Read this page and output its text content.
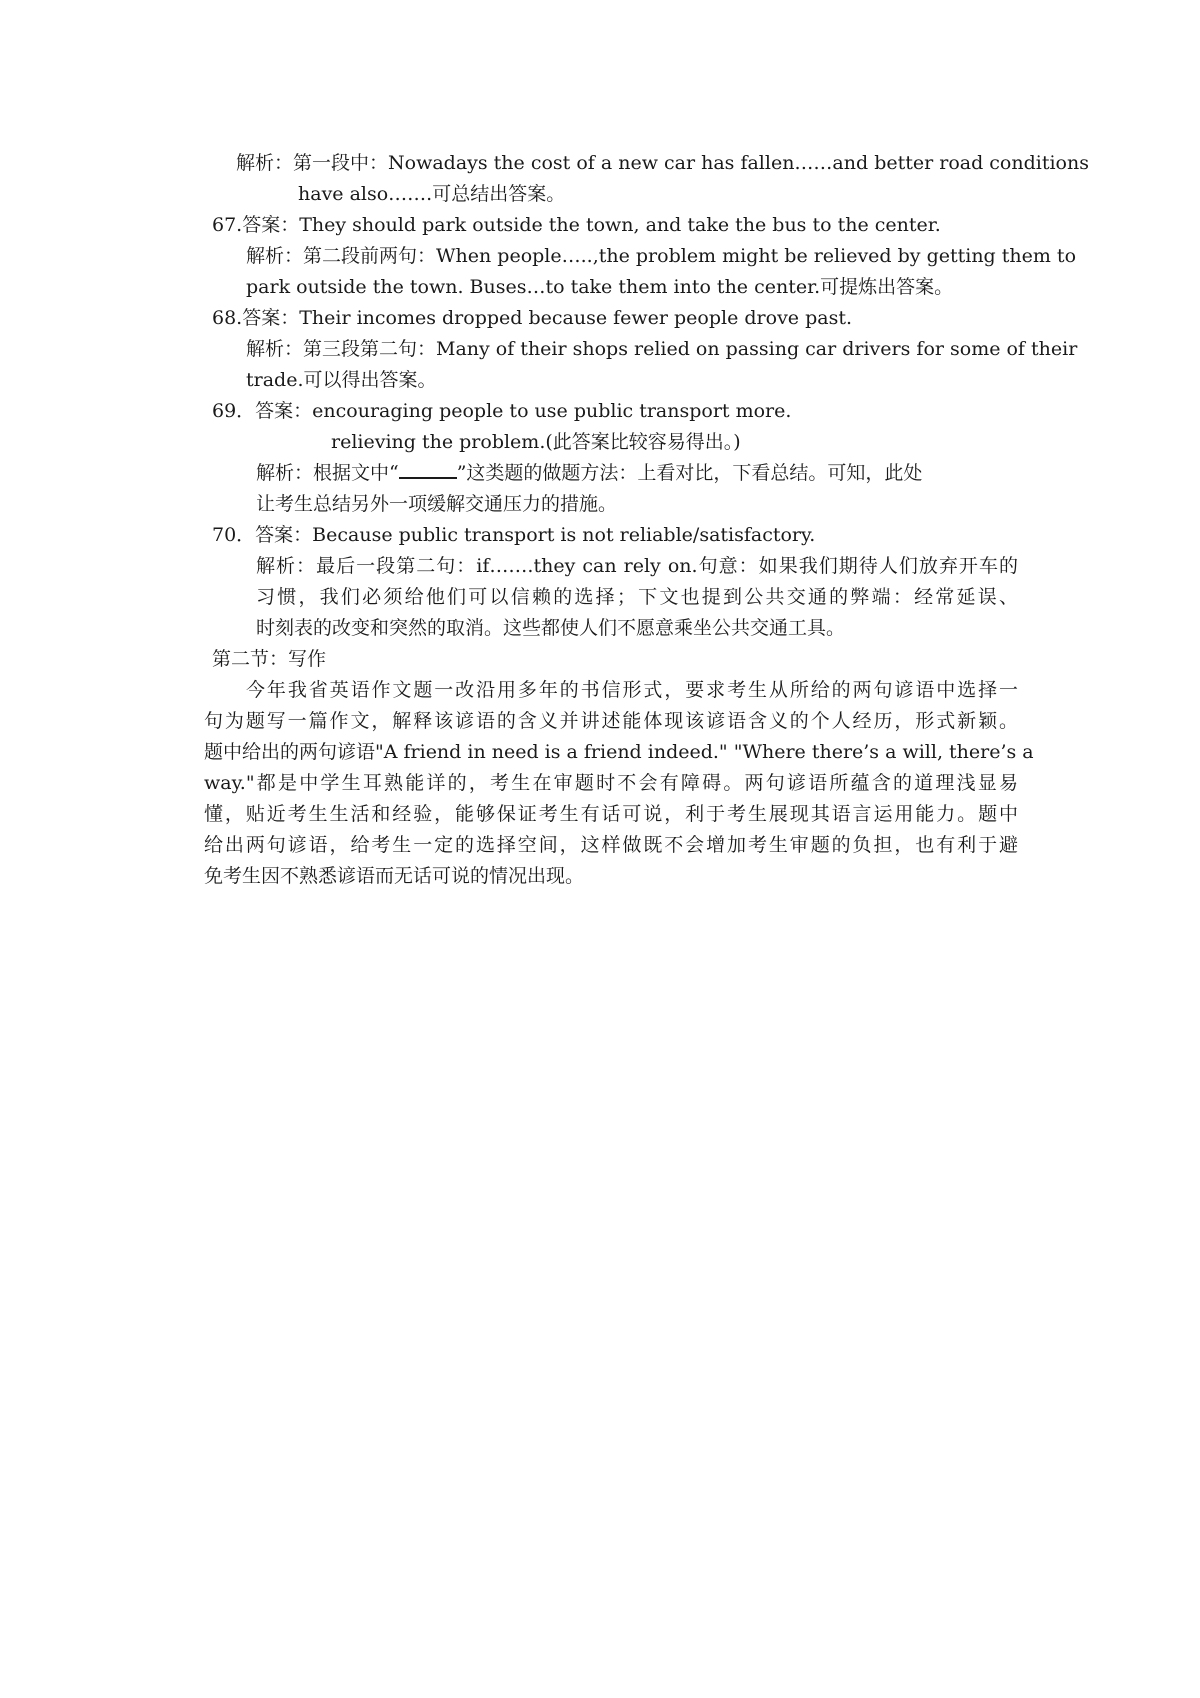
解析：第一段中：Nowadays the cost of a new car has fallen……and better road conditions
have also…….可总结出答案。
67.答案：They should park outside the town, and take the bus to the center.
解析：第二段前两句：When people…..,the problem might be relieved by getting them to
park outside the town. Buses…to take them into the center.可提炼出答案。
68.答案：Their incomes dropped because fewer people drove past.
解析：第三段第二句：Many of their shops relied on passing car drivers for some of their
trade.可以得出答案。
69．答案：encouraging people to use public transport more.
relieving the problem.(此答案比较容易得出。)
解析：根据文中“	”这类题的做题方法：上看对比，下看总结。可知，此处
让考生总结另外一项缓解交通压力的措施。
70．答案：Because public transport is not reliable/satisfactory.
解析：最后一段第二句：if…….they can rely on.句意：如果我们期待人们放弃开车的
习惯，我们必须给他们可以信赖的选择；下文也提到公共交通的弊端：经常延误、
时刻表的改变和突然的取消。这些都使人们不愿意乘坐公共交通工具。
第二节：写作
今年我省英语作文题一改沿用多年的书信形式，要求考生从所给的两句谚语中选择一
句为题写一篇作文，解释该谚语的含义并讲述能体现该谚语含义的个人经历，形式新颖。
题中给出的两句谚语"A friend in need is a friend indeed." "Where there’s a will, there’s a
way."都是中学生耳熟能详的，考生在审题时不会有障碍。两句谚语所蕴含的道理浅显易
懂，贴近考生生活和经验，能够保证考生有话可说，利于考生展现其语言运用能力。题中
给出两句谚语，给考生一定的选择空间，这样做既不会增加考生审题的负担，也有利于避
免考生因不熟悉谚语而无话可说的情况出现。
